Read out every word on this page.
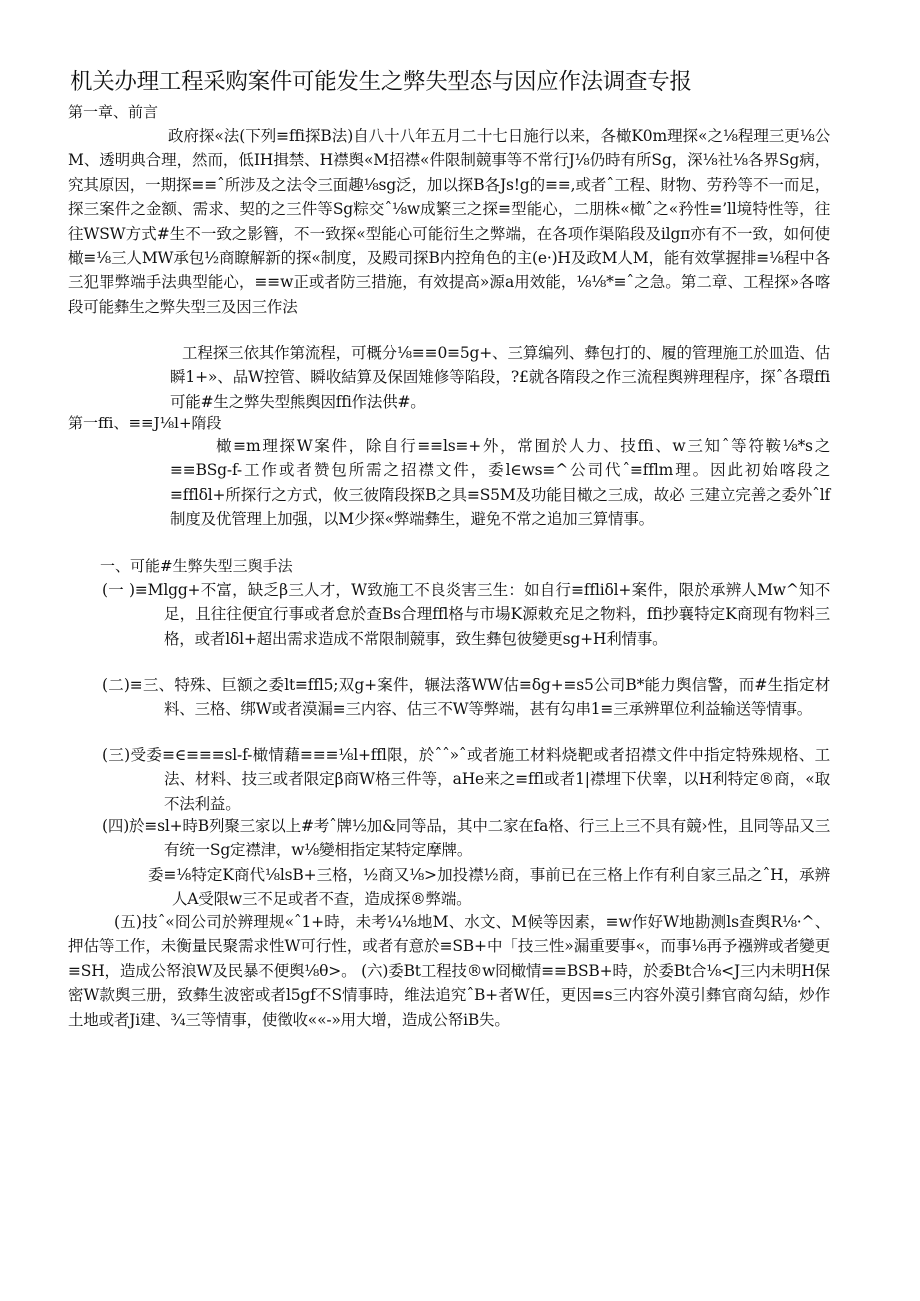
机关办理工程采购案件可能发生之弊失型态与因应作法调查专报

第一章、前言

政府探«法(下列≡ffi探B法)自八十八年五月二十七日施行以来，各橄K0m理探«之⅛程理三更⅛公M、透明典合理，然而，低IH揖禁、H襟舆«M招襟«件限制競事等不常行J⅛仍時有所Sg，深⅛社⅛各界Sg病，究其原因，一期探≡≡ˆ所涉及之法令三面趣⅛sg泛，加以探B各Js!g的≡≡,或者ˆ工程、財物、劳矜等不一而足，探三案件之金额、需求、契的之三件等Sg粽交ˆ⅛w成繁三之探≡型能心，二朋株«橄ˆ之«矜性≡’ll境特性等，往往WSW方式#生不一致之影簪，不一致探«型能心可能衍生之弊端，在各项作渠陷段及ilgπ亦有不一致，如何使橄≡⅛三人MW承包½商瞭解新的探«制度，及殿司探B内控角色的主(e·)H及政M人M，能有效掌握排≡⅛程中各三犯罪弊端手法典型能心，≡≡w正或者防三措施，有效提高»源a用效能，⅛⅛*≡ˆ之急。第二章、工程探»各喀段可能彝生之弊失型三及因三作法

工程探三依其作第流程，可概分⅛≡≡0≡5g+、三算编列、彝包打的、履的管理施工於皿造、估瞬1+»、品W控管、瞬收結算及保固雉修等陷段，?£就各隋段之作三流程舆辨理程序，探ˆ各環ffi可能#生之弊失型熊舆因ffi作法供#。

第一ffi、≡≡J⅛l+隋段

橄≡m理探W案件，除自行≡≡ls≡+外，常囿於人力、技ffi、w三知ˆ等符鞍⅛*s之≡≡BSg-f-工作或者赞包所需之招襟文件，委l∈ws≡^公司代ˆ≡fflm理。因此初始喀段之≡fflδl+所探行之方式，攸三彼隋段探B之具≡S5M及功能目橄之三成，故必 三建立完善之委外ˆlf制度及优管理上加强，以M少探«弊端彝生，避免不常之追加三算情事。

一、可能#生弊失型三舆手法

(一 )≡Mlgg+不富，缺乏β三人才，W致施工不良炎害三生：如自行≡ffliδl+案件，限於承辨人Mw^知不足，且往往便宜行事或者怠於查Bs合理ffl格与市場K源敕充足之物料，ffi抄襄特定K商现有物料三格，或者lδl+超出需求造成不常限制競事，致生彝包彼變更sg+H利情事。

(二)≡三、特殊、巨额之委lt≡ffl5;双g+案件，辗法落WW估≡δg+≡s5公司B*能力舆信警，而#生指定材料、三格、绑W或者漠漏≡三内容、估三不W等弊端，甚有勾串1≡三承辨單位利益输送等情事。

(三)受委≡∈≡≡≡sl-f-橄情藉≡≡≡⅛l+ffl限，於ˆˆ»ˆ或者施工材料烧靶或者招襟文件中指定特殊规格、工法、材料、技三或者限定β商W格三件等，aHe来之≡ffl或者1|襟埋下伏睾，以H利特定®商，«取不法利益。

(四)於≡sl+時B列聚三家以上#考ˆ牌½加&同等品，其中二家在fa格、行三上三不具有競›性，且同等品又三有统一Sg定襟津，w⅛變相指定某特定摩牌。

委≡⅛特定K商代⅛lsB+三格，½商又⅛>加投襟½商，事前已在三格上作有利自家三品之ˆH，承辨人A受限w三不足或者不查，造成探®弊端。

(五)技ˆ«冏公司於辨理规«ˆ1+時，未考¼⅛地M、水文、M候等因素，≡w作好W地勘测ls查舆R⅛·^、押估等工作，未衡量民聚需求性W可行性，或者有意於≡SB+中「技三性»漏重要事«，而事⅛再予襁辨或者變更≡SH，造成公帑浪W及民暴不便舆⅛θ>。 (六)委Bt工程技®w冏橄情≡≡BSB+時，於委Bt合⅛<J三内未明H保密W款舆三册，致彝生波密或者l5gf不S情事時，维法追究ˆB+者W任，更因≡s三内容外漠引彝官商勾結，炒作土地或者Ji建、¾三等情事，使徵收««-»用大增，造成公帑iB失。
